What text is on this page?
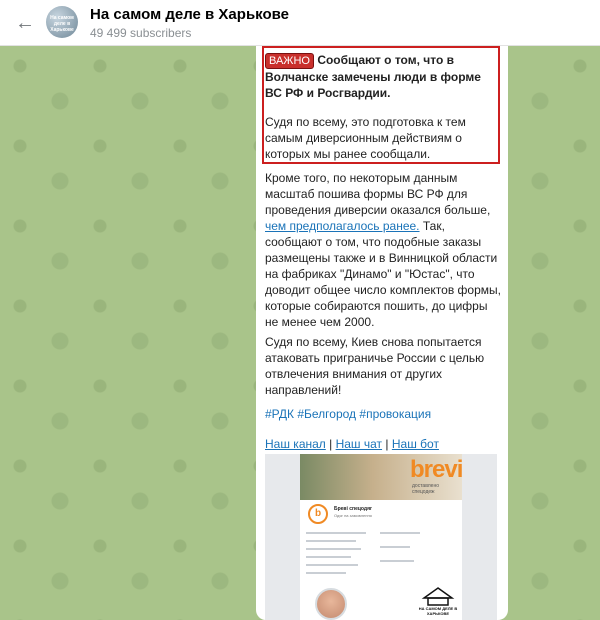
←	На самом деле в Харькове
На самом деле в Харькове
49 499 subscribers

ВАЖНО Сообщают о том, что в Волчанске замечены люди в форме ВС РФ и Росгвардии.

Судя по всему, это подготовка к тем самым диверсионным действиям о которых мы ранее сообщали.

Кроме того, по некоторым данным масштаб пошива формы ВС РФ для проведения диверсии оказался больше, чем предполагалось ранее. Так, сообщают о том, что подобные заказы размещены также и в Винницкой области на фабриках "Динамо" и "Юстас", что доводит общее число комплектов формы, которые собираются пошить, до цифры не менее чем 2000.

Судя по всему, Киев снова попытается атаковать приграничье России с целью отвлечения внимания от других направлений!

#РДК #Белгород #провокация

Наш канал | Наш чат | Наш бот

brevi
доставлено спецодеж
b	Бреві спецодяг
Одяг на замовлення
НА САМОМ ДЕЛЕ В ХАРЬКОВЕ
